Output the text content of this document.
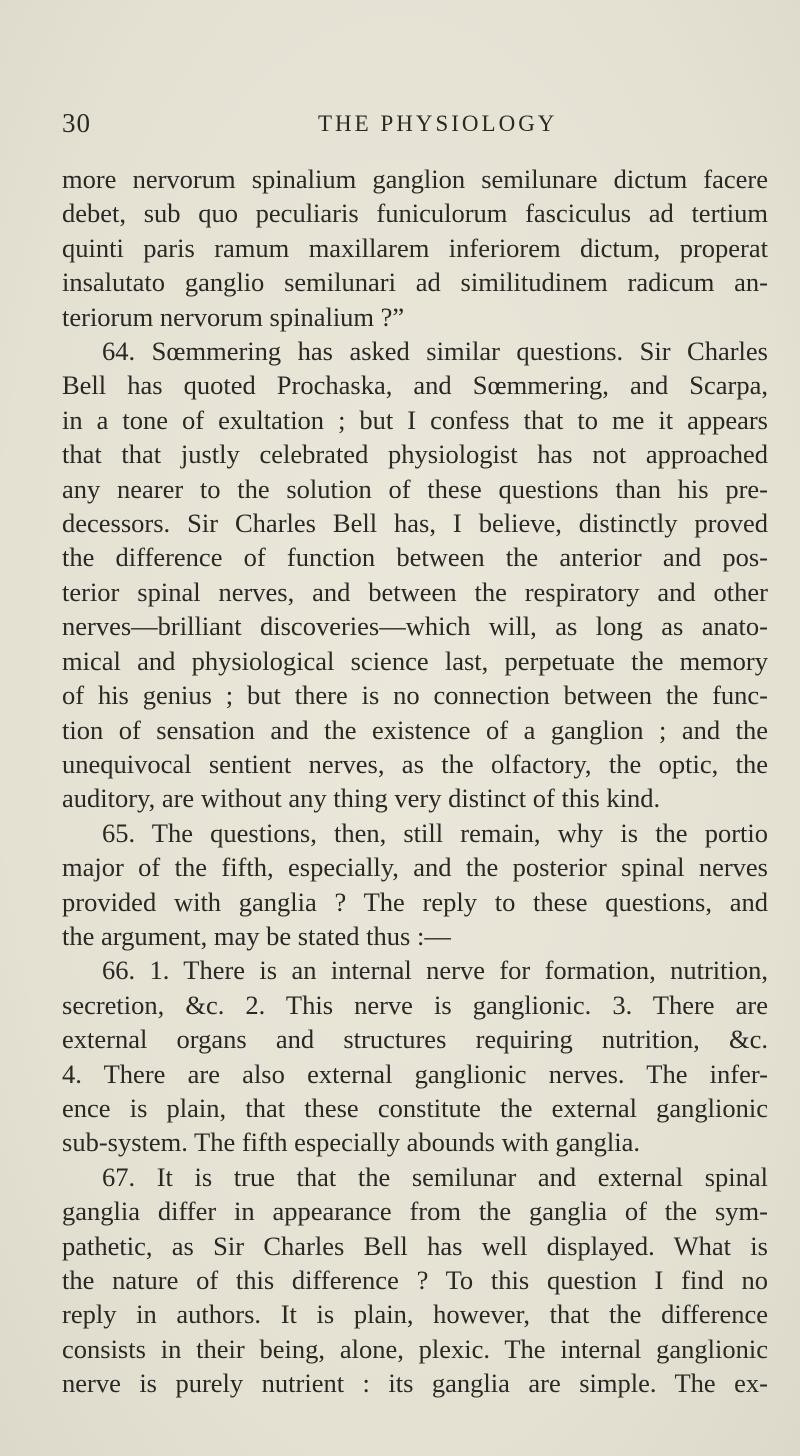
30	THE PHYSIOLOGY

more nervorum spinalium ganglion semilunare dictum facere
debet, sub quo peculiaris funiculorum fasciculus ad tertium
quinti paris ramum maxillarem inferiorem dictum, properat
insalutato ganglio semilunari ad similitudinem radicum an-
teriorum nervorum spinalium ?”

64. Sœmmering has asked similar questions. Sir Charles
Bell has quoted Prochaska, and Sœmmering, and Scarpa,
in a tone of exultation ; but I confess that to me it appears
that that justly celebrated physiologist has not approached
any nearer to the solution of these questions than his pre-
decessors. Sir Charles Bell has, I believe, distinctly proved
the difference of function between the anterior and pos-
terior spinal nerves, and between the respiratory and other
nerves—brilliant discoveries—which will, as long as anato-
mical and physiological science last, perpetuate the memory
of his genius ; but there is no connection between the func-
tion of sensation and the existence of a ganglion ; and the
unequivocal sentient nerves, as the olfactory, the optic, the
auditory, are without any thing very distinct of this kind.

65. The questions, then, still remain, why is the portio
major of the fifth, especially, and the posterior spinal nerves
provided with ganglia ? The reply to these questions, and
the argument, may be stated thus :—

66. 1. There is an internal nerve for formation, nutrition,
secretion, &c. 2. This nerve is ganglionic. 3. There are
external organs and structures requiring nutrition, &c.
4. There are also external ganglionic nerves. The infer-
ence is plain, that these constitute the external ganglionic
sub-system. The fifth especially abounds with ganglia.

67. It is true that the semilunar and external spinal
ganglia differ in appearance from the ganglia of the sym-
pathetic, as Sir Charles Bell has well displayed. What is
the nature of this difference ? To this question I find no
reply in authors. It is plain, however, that the difference
consists in their being, alone, plexic. The internal ganglionic
nerve is purely nutrient : its ganglia are simple. The ex-
